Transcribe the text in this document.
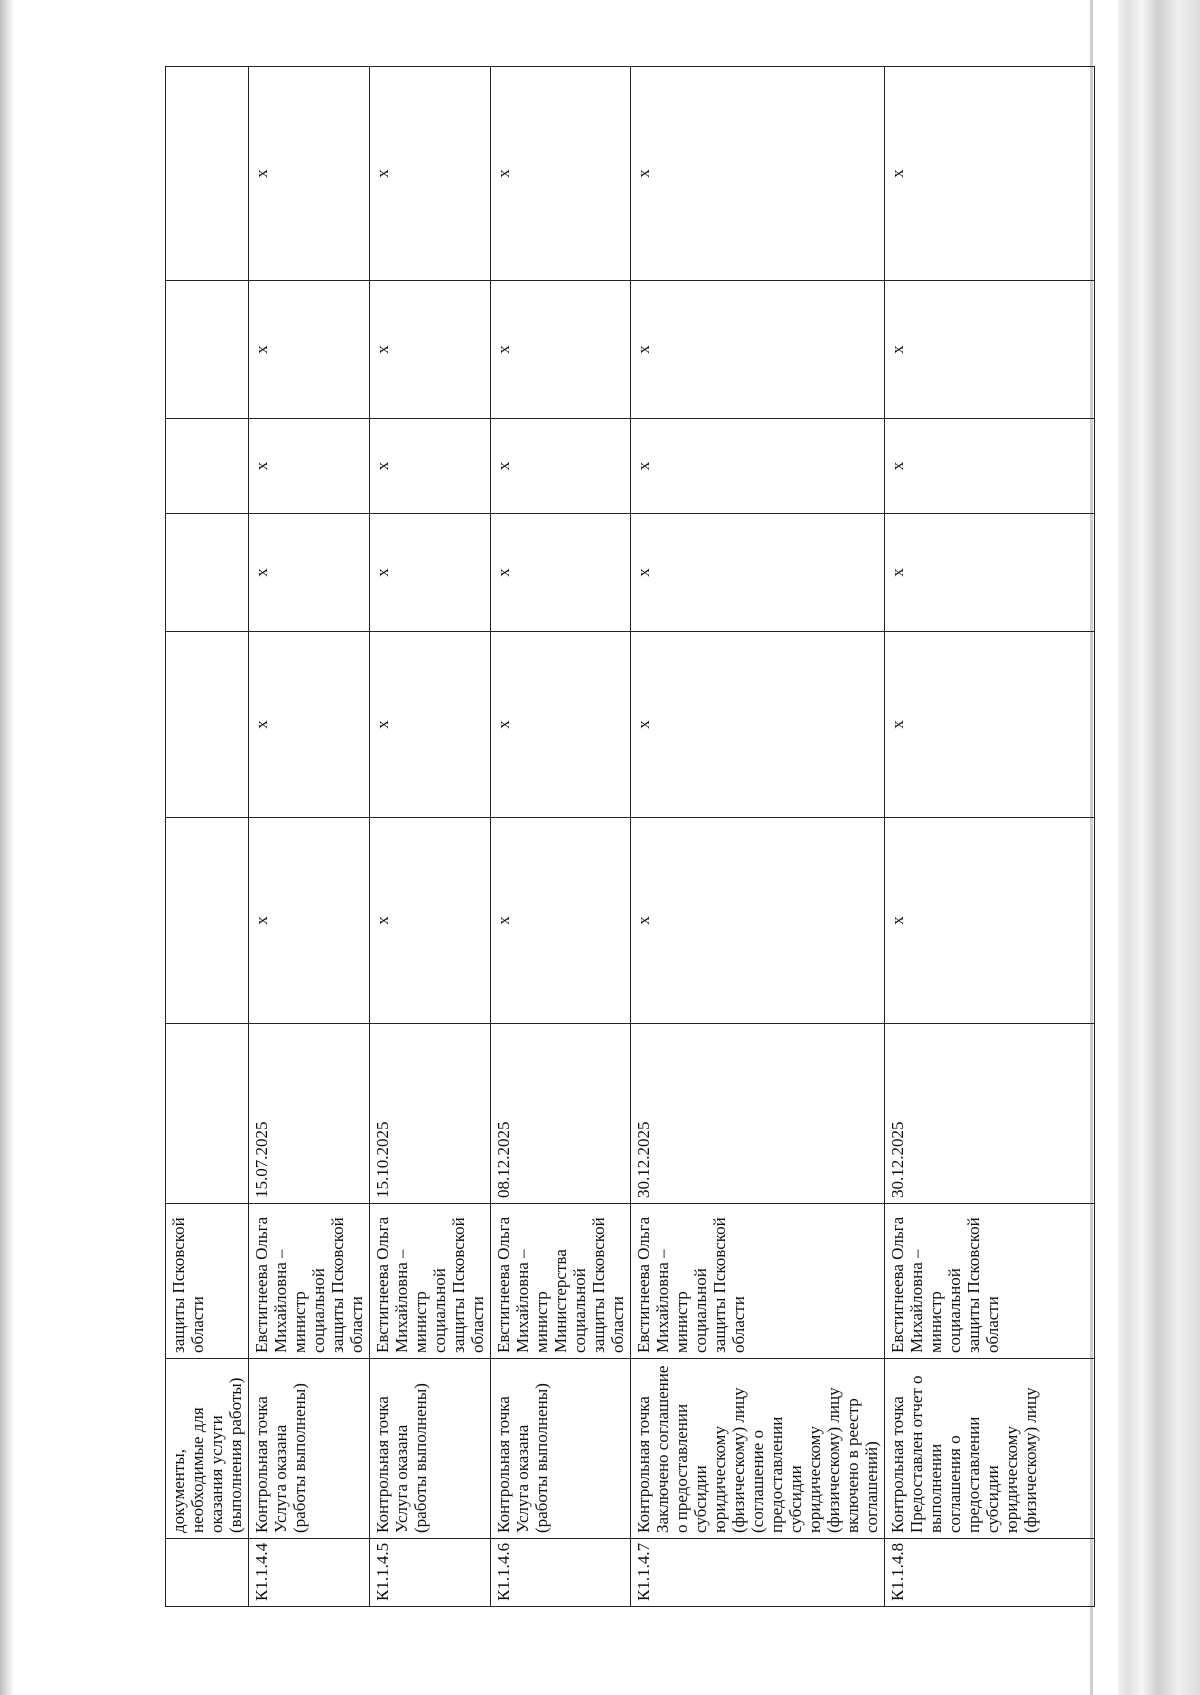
	документы, необходимые для оказания услуги (выполнения работы)	защиты Псковской области							
К1.1.4.4	Контрольная точка Услуга оказана (работы выполнены)	Евстигнеева Ольга Михайловна – министр социальной защиты Псковской области	15.07.2025	x	x	x	x	x	x
К1.1.4.5	Контрольная точка Услуга оказана (работы выполнены)	Евстигнеева Ольга Михайловна – министр социальной защиты Псковской области	15.10.2025	x	x	x	x	x	x
К1.1.4.6	Контрольная точка Услуга оказана (работы выполнены)	Евстигнеева Ольга Михайловна – министр Министерства социальной защиты Псковской области	08.12.2025	x	x	x	x	x	x
К1.1.4.7	Контрольная точка Заключено соглашение о предоставлении субсидии юридическому (физическому) лицу (соглашение о предоставлении субсидии юридическому (физическому) лицу включено в реестр соглашений)	Евстигнеева Ольга Михайловна – министр социальной защиты Псковской области	30.12.2025	x	x	x	x	x	x
К1.1.4.8	Контрольная точка Предоставлен отчет о выполнении соглашения о предоставлении субсидии юридическому (физическому) лицу	Евстигнеева Ольга Михайловна – министр социальной защиты Псковской области	30.12.2025	x	x	x	x	x	x
